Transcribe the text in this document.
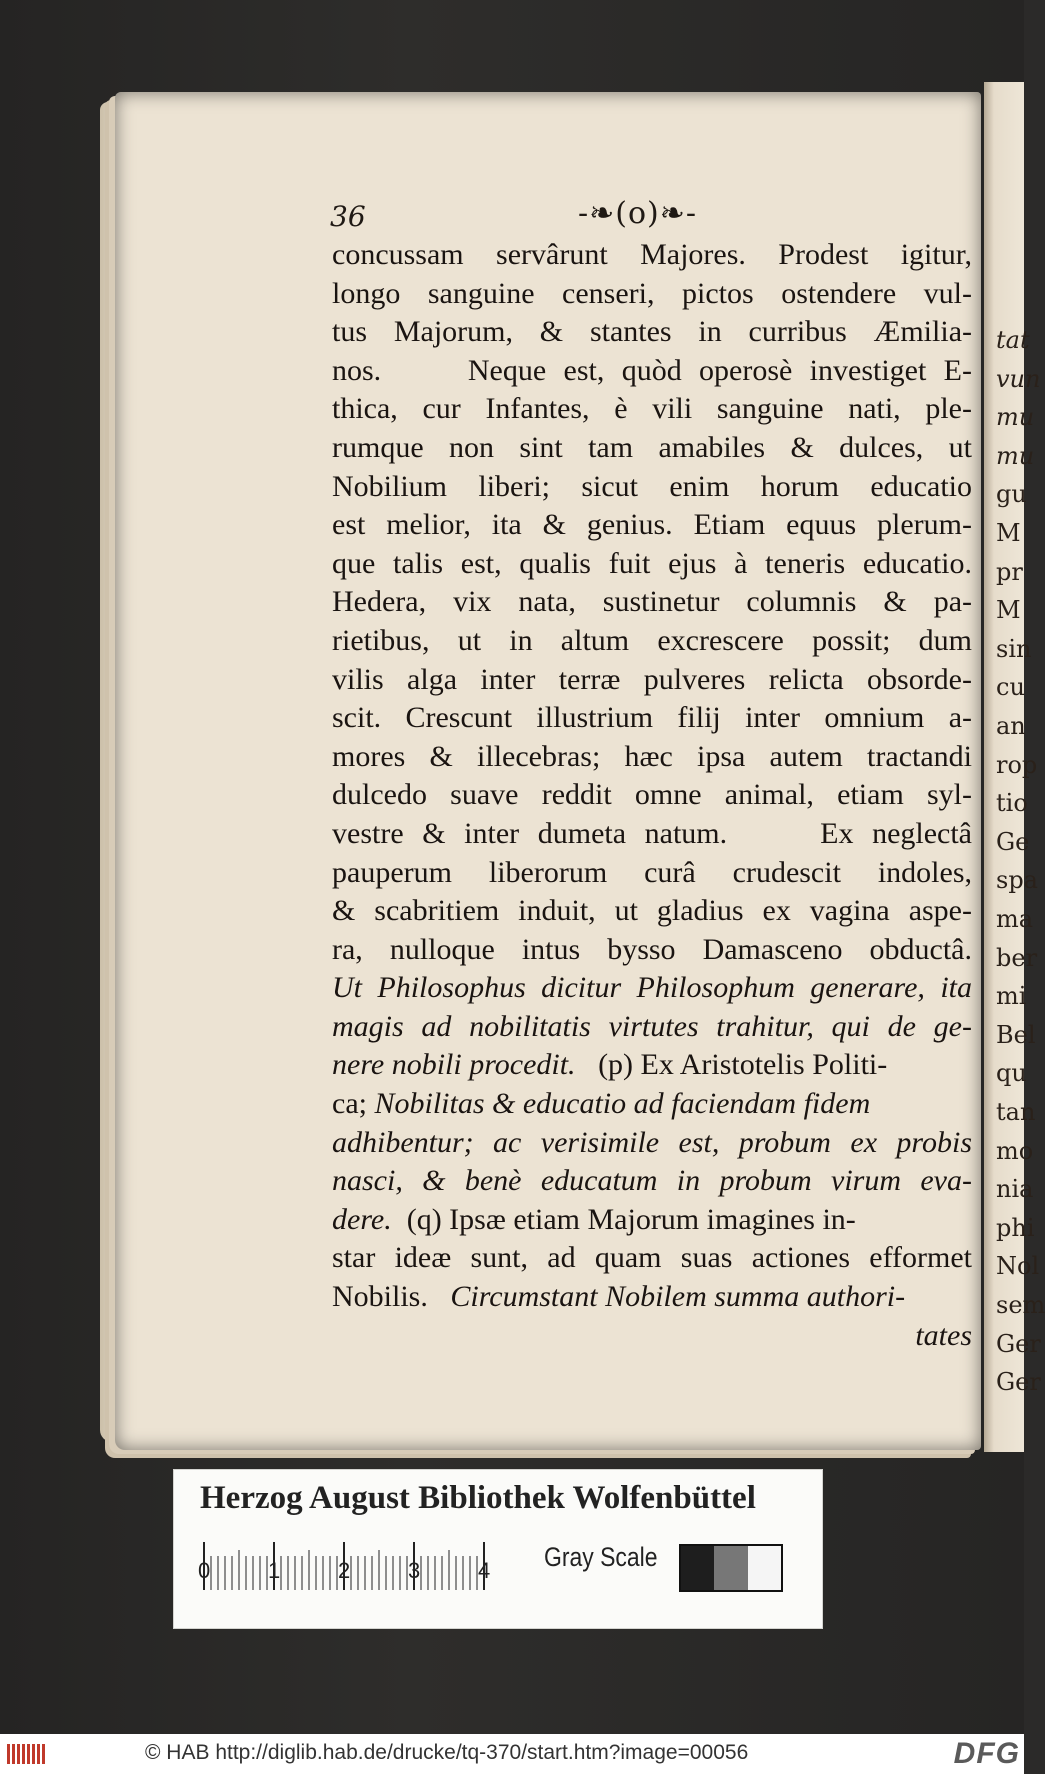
tat
vun
mu
mu
gu
M
pr
M
sin
cu
an
rop
tio
Ge
spa
ma
ber
mi
Bel
qu
tan
mo
nia
phi
Nol
sem
Ger
Ger
36	-❧(o)❧-
concussam servârunt Majores. Prodest igitur,
longo sanguine censeri, pictos ostendere vul-
tus Majorum, & stantes in curribus Æmilia-
nos.     Neque est, quòd operosè investiget E-
thica, cur Infantes, è vili sanguine nati, ple-
rumque non sint tam amabiles & dulces, ut
Nobilium liberi; sicut enim horum educatio
est melior, ita & genius. Etiam equus plerum-
que talis est, qualis fuit ejus à teneris educatio.
Hedera, vix nata, sustinetur columnis & pa-
rietibus, ut in altum excrescere possit; dum
vilis alga inter terræ pulveres relicta obsorde-
scit. Crescunt illustrium filij inter omnium a-
mores & illecebras; hæc ipsa autem tractandi
dulcedo suave reddit omne animal, etiam syl-
vestre & inter dumeta natum.     Ex neglectâ
pauperum liberorum curâ crudescit indoles,
& scabritiem induit, ut gladius ex vagina aspe-
ra, nulloque intus bysso Damasceno obductâ.
Ut Philosophus dicitur Philosophum generare, ita
magis ad nobilitatis virtutes trahitur, qui de ge-
nere nobili procedit.   (p) Ex Aristotelis Politi-
ca; Nobilitas & educatio ad faciendam fidem
adhibentur; ac verisimile est, probum ex probis
nasci, & benè educatum in probum virum eva-
dere.  (q) Ipsæ etiam Majorum imagines in-
star ideæ sunt, ad quam suas actiones efformet
Nobilis.   Circumstant Nobilem summa authori-
tates
Herzog August Bibliothek Wolfenbüttel
0	1	2	3	4 Gray Scale
© HAB http://diglib.hab.de/drucke/tq-370/start.htm?image=00056	DFG
